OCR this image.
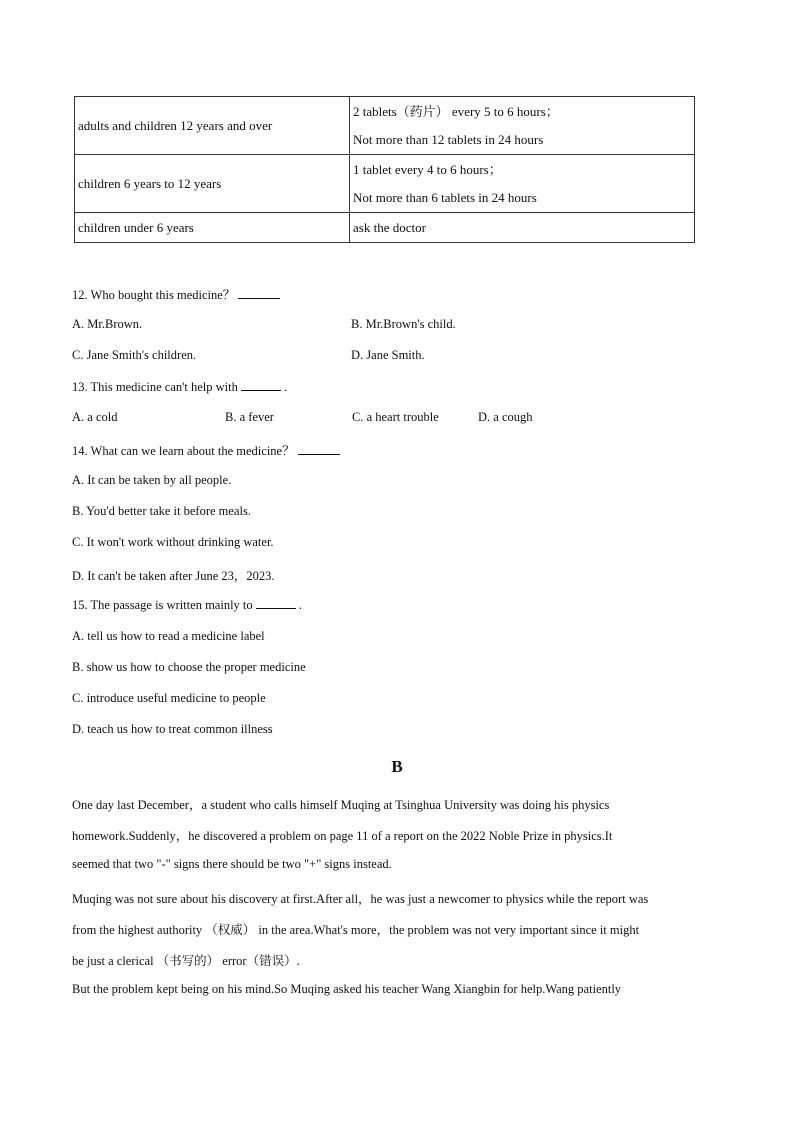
adults and children 12 years and over	2 tablets（药片） every 5 to 6 hours；
Not more than 12 tablets in 24 hours

children 6 years to 12 years	1 tablet every 4 to 6 hours；
Not more than 6 tablets in 24 hours

children under 6 years	ask the doctor
12. Who bought this medicine？
A. Mr.Brown.	B. Mr.Brown's child.
C. Jane Smith's children.	D. Jane Smith.
13. This medicine can't help with	.
A. a cold	B. a fever	C. a heart trouble	D. a cough
14. What can we learn about the medicine？
A. It can be taken by all people.
B. You'd better take it before meals.
C. It won't work without drinking water.
D. It can't be taken after June 23，2023.
15. The passage is written mainly to	.
A. tell us how to read a medicine label
B. show us how to choose the proper medicine
C. introduce useful medicine to people
D. teach us how to treat common illness
B
One day last December，a student who calls himself Muqing at Tsinghua University was doing his physics
homework.Suddenly，he discovered a problem on page 11 of a report on the 2022 Noble Prize in physics.It
seemed that two "-" signs there should be two "+" signs instead.
Muqing was not sure about his discovery at first.After all，he was just a newcomer to physics while the report was
from the highest authority （权威） in the area.What's more，the problem was not very important since it might
be just a clerical （书写的） error（错误）.
But the problem kept being on his mind.So Muqing asked his teacher Wang Xiangbin for help.Wang patiently
